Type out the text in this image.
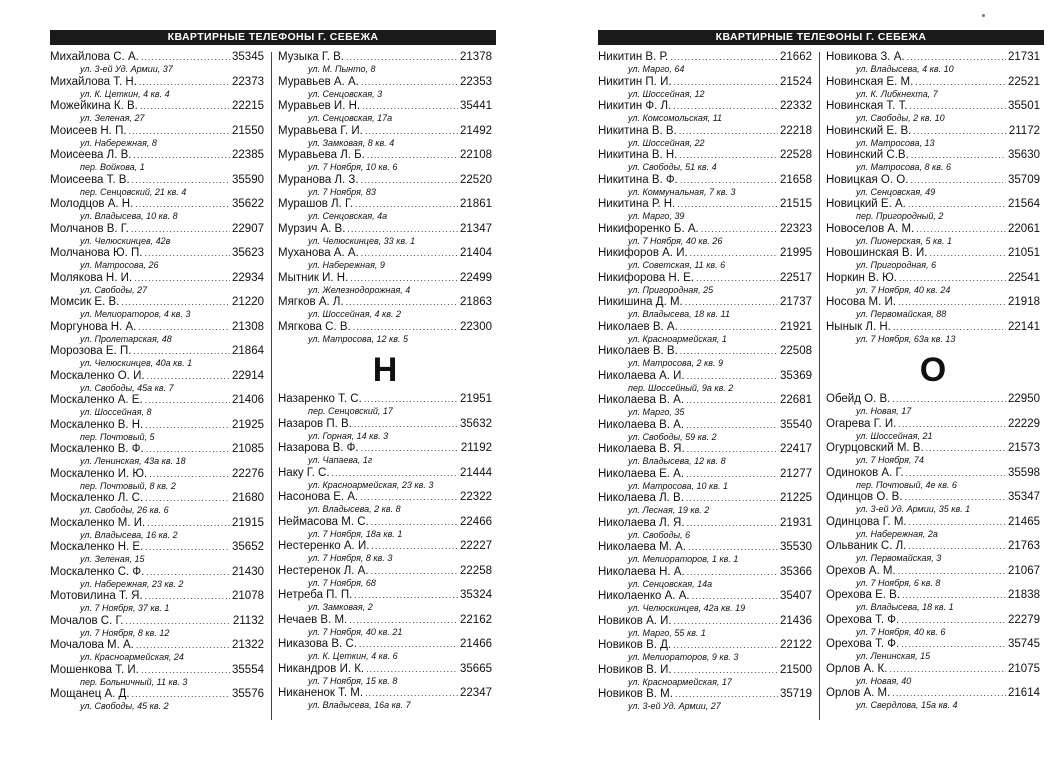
КВАРТИРНЫЕ ТЕЛЕФОНЫ Г. СЕБЕЖА
Михайлова С. А. .....	35345
ул. 3-ей Уд. Армии, 37
Михайлова Т. Н. .....	22373
ул. К. Цеткин, 4 кв. 4
Можейкина К. В. .....	22215
ул. Зеленая, 27
Моисеев Н. П. .....	21550
ул. Набережная, 8
Моисеева Л. В. .....	22385
пер. Войкова, 1
Моисеева Т. В. .....	35590
пер. Сенцовский, 21 кв. 4
Молодцов А. Н. .....	35622
ул. Владысева, 10 кв. 8
Молчанов В. Г. .....	22907
ул. Челюскинцев, 42в
Молчанова Ю. П. .....	35623
ул. Матросова, 26
Молякова Н. И. .....	22934
ул. Свободы, 27
Момсик Е. В. .....	21220
ул. Мелиораторов, 4 кв. 3
Моргунова Н. А. .....	21308
ул. Пролетарская, 48
Морозова Е. П. .....	21864
ул. Челюскинцев, 40а кв. 1
Москаленко О. И. .....	22914
ул. Свободы, 45а кв. 7
Москаленко А. Е. .....	21406
ул. Шоссейная, 8
Москаленко В. Н. .....	21925
пер. Почтовый, 5
Москаленко В. Ф. .....	21085
ул. Ленинская, 43а кв. 18
Москаленко И. Ю. .....	22276
пер. Почтовый, 8 кв. 2
Москаленко Л. С. .....	21680
ул. Свободы, 26 кв. 6
Москаленко М. И. .....	21915
ул. Владысева, 16 кв. 2
Москаленко Н. Е. .....	35652
ул. Зеленая, 15
Москаленко С. Ф. .....	21430
ул. Набережная, 23 кв. 2
Мотовилина Т. Я. .....	21078
ул. 7 Ноября, 37 кв. 1
Мочалов С. Г. .....	21132
ул. 7 Ноября, 8 кв. 12
Мочалова М. А. .....	21322
ул. Красноармейская, 24
Мошенкова Т. И. .....	35554
пер. Больничный, 11 кв. 3
Мощанец А. Д. .....	35576
ул. Свободы, 45 кв. 2
Музыка Г. В. .....	21378
ул. М. Пынто, 8
Муравьев А. А. .....	22353
ул. Сенцовская, 3
Муравьев И. Н. .....	35441
ул. Сенцовская, 17а
Муравьева Г. И. .....	21492
ул. Замковая, 8 кв. 4
Муравьева Л. Б. .....	22108
ул. 7 Ноября, 10 кв. 6
Муранова Л. З. .....	22520
ул. 7 Ноября, 83
Мурашов Л. Г. .....	21861
ул. Сенцовская, 4а
Мурзич А. В. .....	21347
ул. Челюскинцев, 33 кв. 1
Муханова А. А. .....	21404
ул. Набережная, 9
Мытник И. Н. .....	22499
ул. Железнодорожная, 4
Мягков А. Л. .....	21863
ул. Шоссейная, 4 кв. 2
Мягкова С. В. .....	22300
ул. Матросова, 12 кв. 5
Н
Назаренко Т. С. .....	21951
пер. Сенцовский, 17
Назаров П. В. .....	35632
ул. Горная, 14 кв. 3
Назарова В. Ф. .....	21192
ул. Чапаева, 1г
Наку Г. С. .....	21444
ул. Красноармейская, 23 кв. 3
Насонова Е. А. .....	22322
ул. Владысева, 2 кв. 8
Неймасова М. С. .....	22466
ул. 7 Ноября, 18а кв. 1
Нестеренко А. И. .....	22227
ул. 7 Ноября, 8 кв. 3
Нестеренок Л. А. .....	22258
ул. 7 Ноября, 68
Нетреба П. П. .....	35324
ул. Замковая, 2
Нечаев В. М. .....	22162
ул. 7 Ноября, 40 кв. 21
Никазова В. С. .....	21466
ул. К. Цеткин, 4 кв. 6
Никандров И. К. .....	35665
ул. 7 Ноября, 15 кв. 8
Никаненок Т. М. .....	22347
ул. Владысева, 16а кв. 7
КВАРТИРНЫЕ ТЕЛЕФОНЫ Г. СЕБЕЖА
Никитин В. Р. .....	21662
ул. Марго, 64
Никитин П. И. .....	21524
ул. Шоссейная, 12
Никитин Ф. Л. .....	22332
ул. Комсомольская, 11
Никитина В. В. .....	22218
ул. Шоссейная, 22
Никитина В. Н. .....	22528
ул. Свободы, 51 кв. 4
Никитина В. Ф. .....	21658
ул. Коммунальная, 7 кв. 3
Никитина Р. Н. .....	21515
ул. Марго, 39
Никифоренко Б. А. .....	22323
ул. 7 Ноября, 40 кв. 26
Никифоров А. И. .....	21995
ул. Советская, 11 кв. 6
Никифорова Н. Е. .....	22517
ул. Пригородная, 25
Никишина Д. М. .....	21737
ул. Владысева, 18 кв. 11
Николаев В. А. .....	21921
ул. Красноармейская, 1
Николаев В. В. .....	22508
ул. Матросова, 2 кв. 9
Николаева А. И. .....	35369
пер. Шоссейный, 9а кв. 2
Николаева В. А. .....	22681
ул. Марго, 35
Николаева В. А. .....	35540
ул. Свободы, 59 кв. 2
Николаева В. Я. .....	22417
ул. Владысева, 12 кв. 8
Николаева Е. А. .....	21277
ул. Матросова, 10 кв. 1
Николаева Л. В. .....	21225
ул. Лесная, 19 кв. 2
Николаева Л. Я. .....	21931
ул. Свободы, 6
Николаева М. А. .....	35530
ул. Мелиораторов, 1 кв. 1
Николаева Н. А. .....	35366
ул. Сенцовская, 14а
Николаенко А. А. .....	35407
ул. Челюскинцев, 42а кв. 19
Новиков А. И. .....	21436
ул. Марго, 55 кв. 1
Новиков В. Д. .....	22122
ул. Мелиораторов, 9 кв. 3
Новиков В. И. .....	21500
ул. Красноармейская, 17
Новиков В. М. .....	35719
ул. 3-ей Уд. Армии, 27
Новикова З. А. .....	21731
ул. Владысева, 4 кв. 10
Новинская Е. М. .....	22521
ул. К. Либкнехта, 7
Новинская Т. Т. .....	35501
ул. Свободы, 2 кв. 10
Новинский Е. В. .....	21172
ул. Матросова, 13
Новинский С.В. .....	35630
ул. Матросова, 8 кв. 6
Новицкая О. О. .....	35709
ул. Сенцовская, 49
Новицкий Е. А. .....	21564
пер. Пригородный, 2
Новоселов А. М. .....	22061
ул. Пионерская, 5 кв. 1
Новошинская В. И. .....	21051
ул. Пригородная, 6
Норкин В. Ю. .....	22541
ул. 7 Ноября, 40 кв. 24
Носова М. И. .....	21918
ул. Первомайская, 88
Нынык Л. Н. .....	22141
ул. 7 Ноября, 63а кв. 13
О
Обейд О. В. .....	22950
ул. Новая, 17
Огарева Г. И. .....	22229
ул. Шоссейная, 21
Огурцовский М. В. .....	21573
ул. 7 Ноября, 74
Одиноков А. Г. .....	35598
пер. Почтовый, 4е кв. 6
Одинцов О. В. .....	35347
ул. 3-ей Уд. Армии, 35 кв. 1
Одинцова Г. М. .....	21465
ул. Набережная, 2а
Ольваник С. Л. .....	21763
ул. Первомайская, 3
Орехов А. М. .....	21067
ул. 7 Ноября, 6 кв. 8
Орехова Е. В. .....	21838
ул. Владысева, 18 кв. 1
Орехова Т. Ф. .....	22279
ул. 7 Ноября, 40 кв. 6
Орехова Т. Ф. .....	35745
ул. Ленинская, 15
Орлов А. К. .....	21075
ул. Новая, 40
Орлов А. М. .....	21614
ул. Свердлова, 15а кв. 4
